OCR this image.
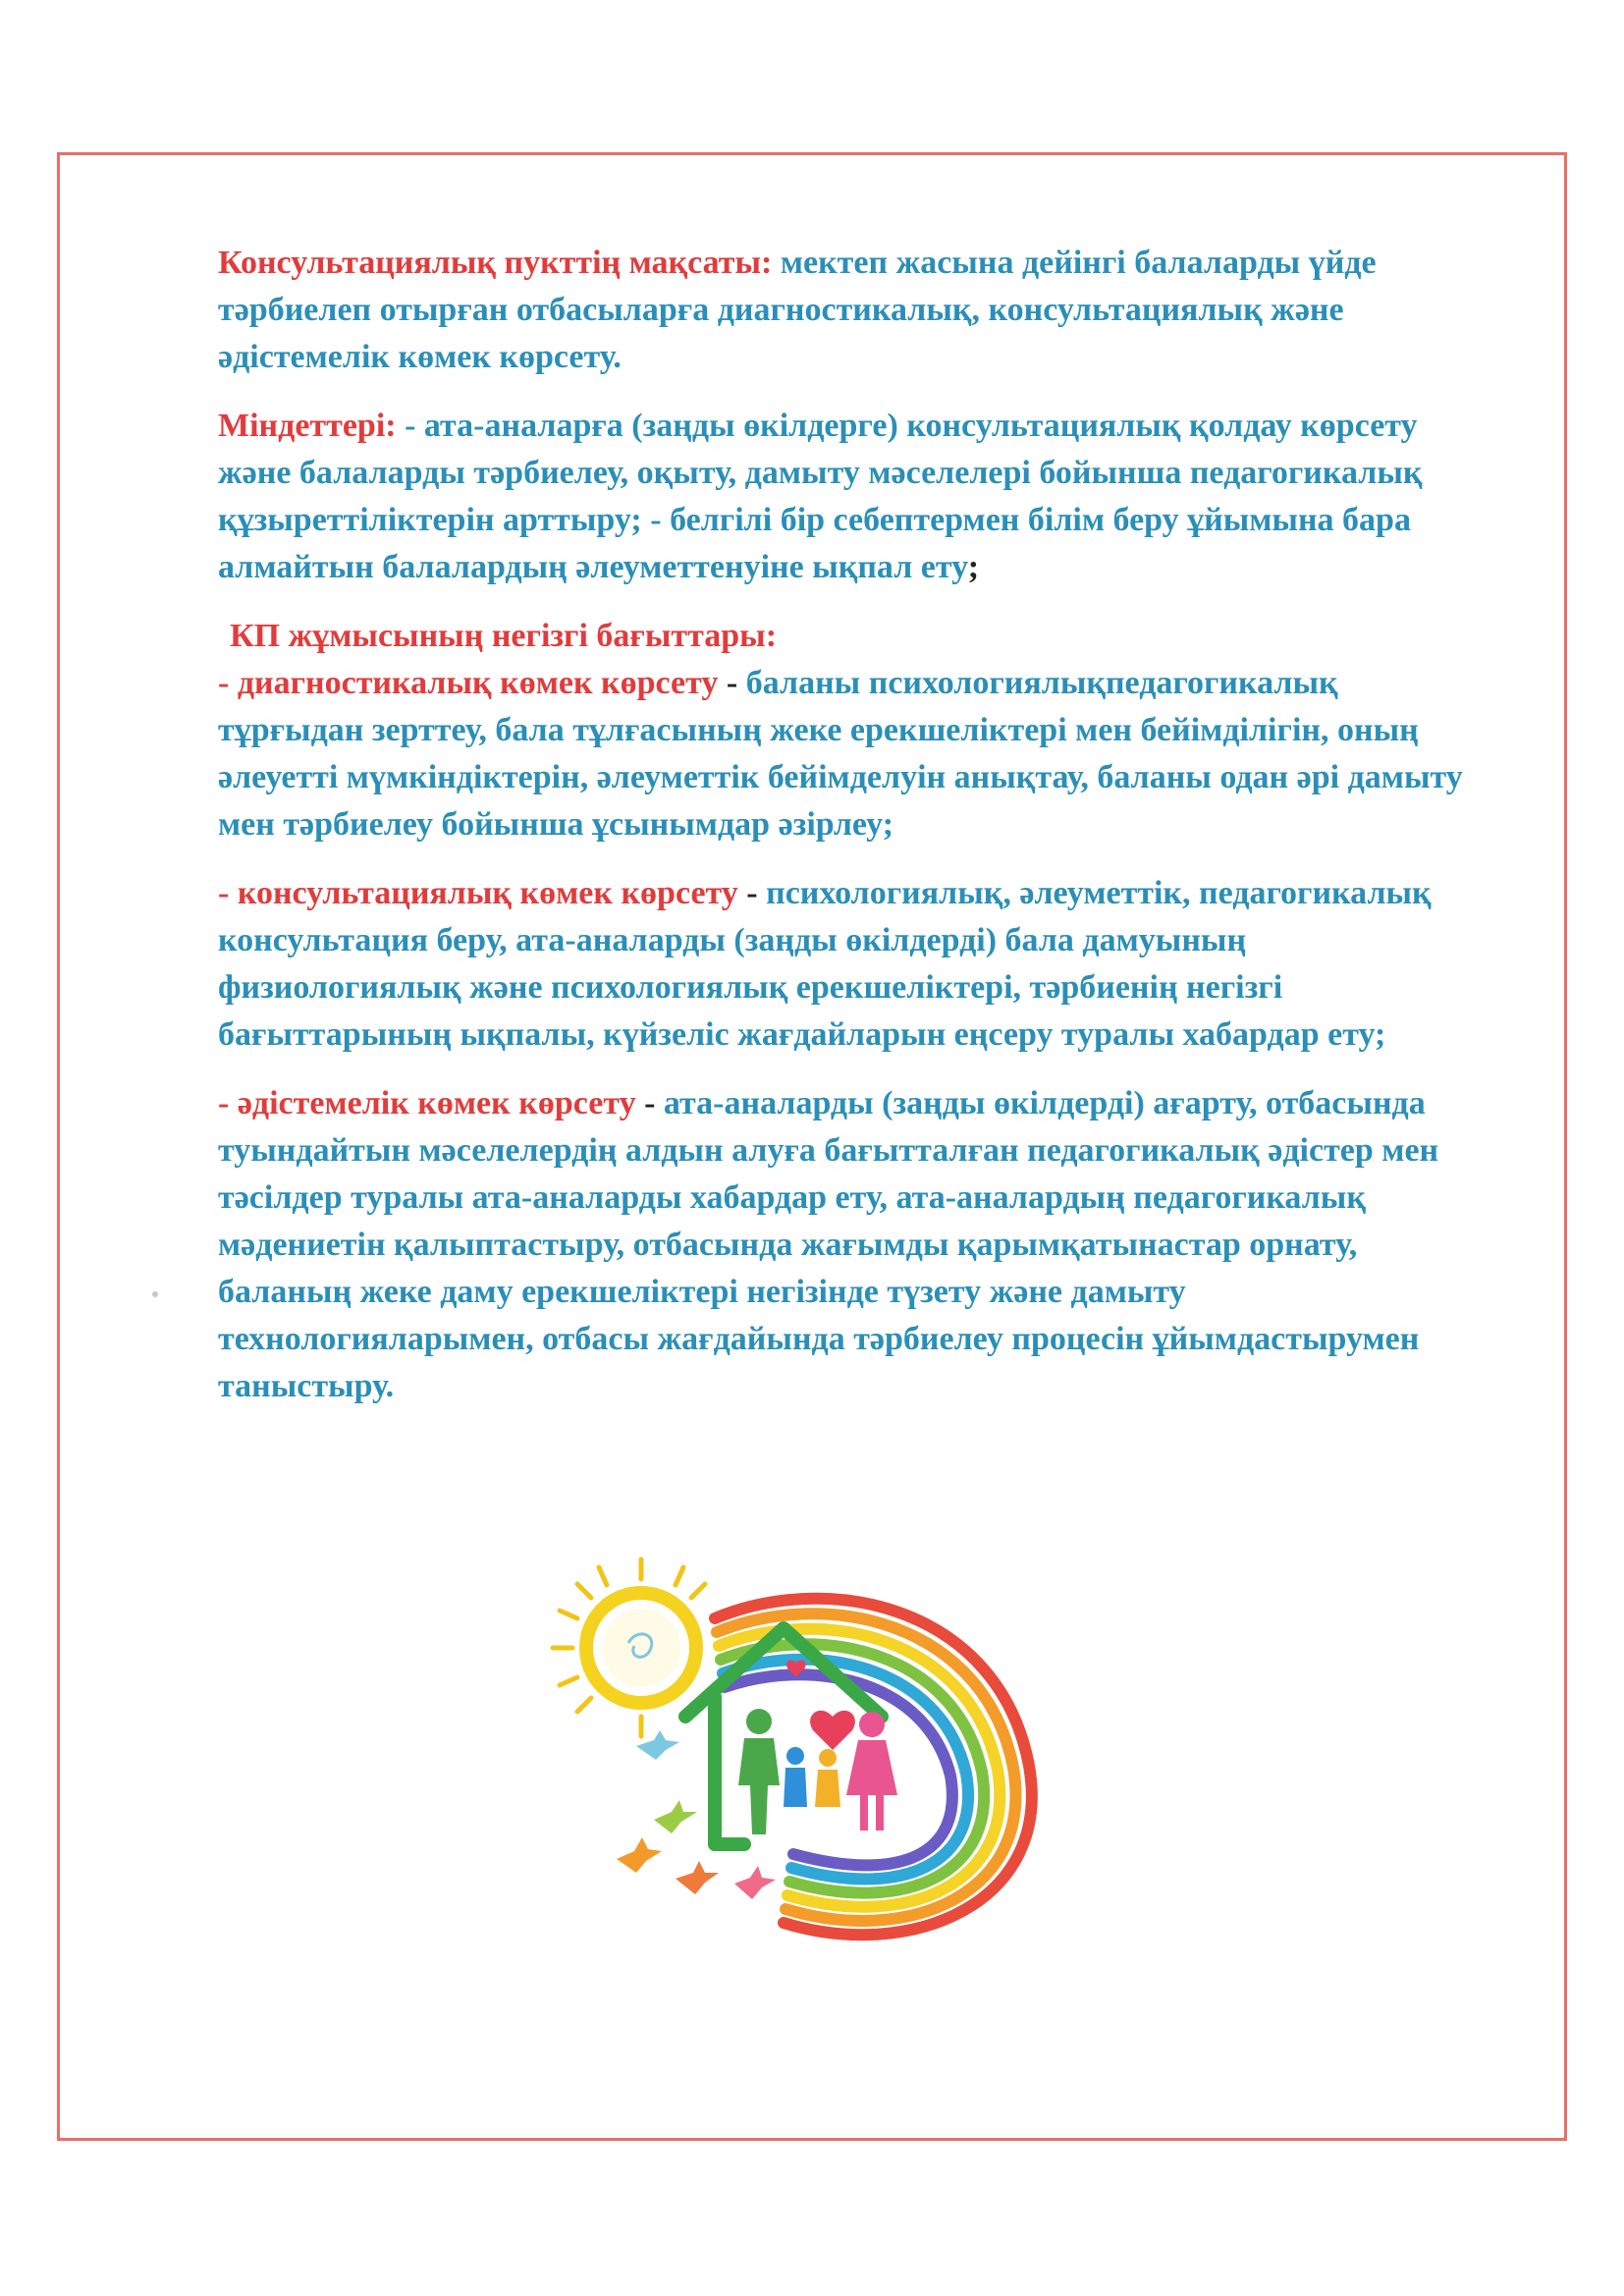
Консультациялық пукттің мақсаты: мектеп жасына дейінгі балаларды үйде тәрбиелеп отырған отбасыларға диагностикалық, консультациялық және әдістемелік көмек көрсету.

Міндеттері: - ата-аналарға (заңды өкілдерге) консультациялық қолдау көрсету және балаларды тәрбиелеу, оқыту, дамыту мәселелері бойынша педагогикалық құзыреттіліктерін арттыру; - белгілі бір себептермен білім беру ұйымына бара алмайтын балалардың әлеуметтенуіне ықпал ету;

КП жұмысының негізгі бағыттары:

- диагностикалық көмек көрсету - баланы психологиялықпедагогикалық тұрғыдан зерттеу, бала тұлғасының жеке ерекшеліктері мен бейімділігін, оның әлеуетті мүмкіндіктерін, әлеуметтік бейімделуін анықтау, баланы одан әрі дамыту мен тәрбиелеу бойынша ұсынымдар әзірлеу;

- консультациялық көмек көрсету - психологиялық, әлеуметтік, педагогикалық консультация беру, ата-аналарды (заңды өкілдерді) бала дамуының физиологиялық және психологиялық ерекшеліктері, тәрбиенің негізгі бағыттарының ықпалы, күйзеліс жағдайларын еңсеру туралы хабардар ету;

- әдістемелік көмек көрсету - ата-аналарды (заңды өкілдерді) ағарту, отбасында туындайтын мәселелердің алдын алуға бағытталған педагогикалық әдістер мен тәсілдер туралы ата-аналарды хабардар ету, ата-аналардың педагогикалық мәдениетін қалыптастыру, отбасында жағымды қарымқатынастар орнату, баланың жеке даму ерекшеліктері негізінде түзету және дамыту технологияларымен, отбасы жағдайында тәрбиелеу процесін ұйымдастырумен таныстыру.
